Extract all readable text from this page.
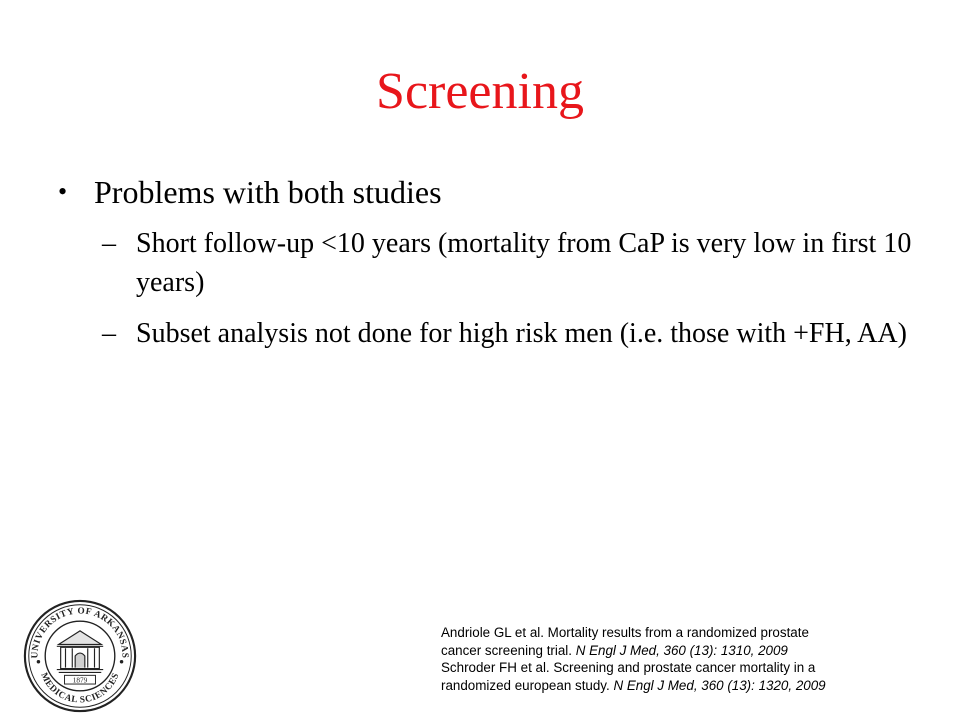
Screening
• Problems with both studies
– Short follow-up <10 years (mortality from CaP is very low in first 10 years)
– Subset analysis not done for high risk men (i.e. those with +FH, AA)
UNIVERSITY OF ARKANSAS
MEDICAL SCIENCES
1879
Andriole GL et al. Mortality results from a randomized prostate
cancer screening trial. N Engl J Med, 360 (13): 1310, 2009
Schroder FH et al. Screening and prostate cancer mortality in a
randomized european study. N Engl J Med, 360 (13): 1320, 2009
